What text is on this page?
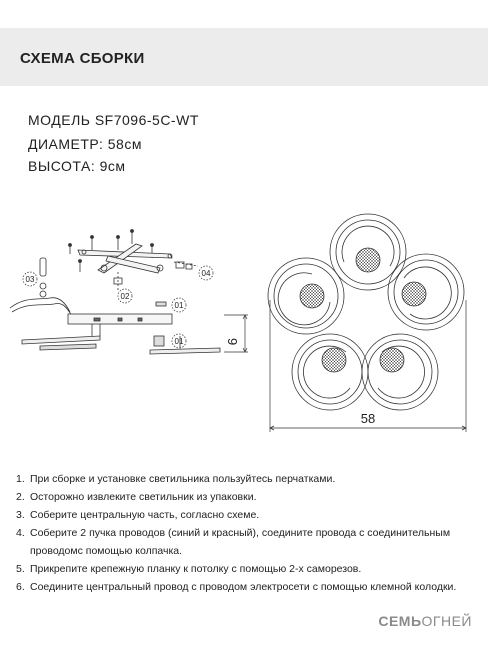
СХЕМА СБОРКИ
МОДЕЛЬ SF7096-5C-WT
ДИАМЕТР: 58см
ВЫСОТА: 9см
03
02
04
01
01	9
58
1. При сборке и установке светильника пользуйтесь перчатками.
2. Осторожно извлеките светильник из упаковки.
3. Соберите центральную часть, согласно схеме.
4. Соберите 2 пучка проводов (синий и красный), соедините провода с соединительным
проводомс помощью колпачка.
5. Прикрепите крепежную планку к потолку с помощью 2-х саморезов.
6. Соедините центральный провод с проводом электросети с помощью клемной колодки.
СЕМЬОГНЕЙ
